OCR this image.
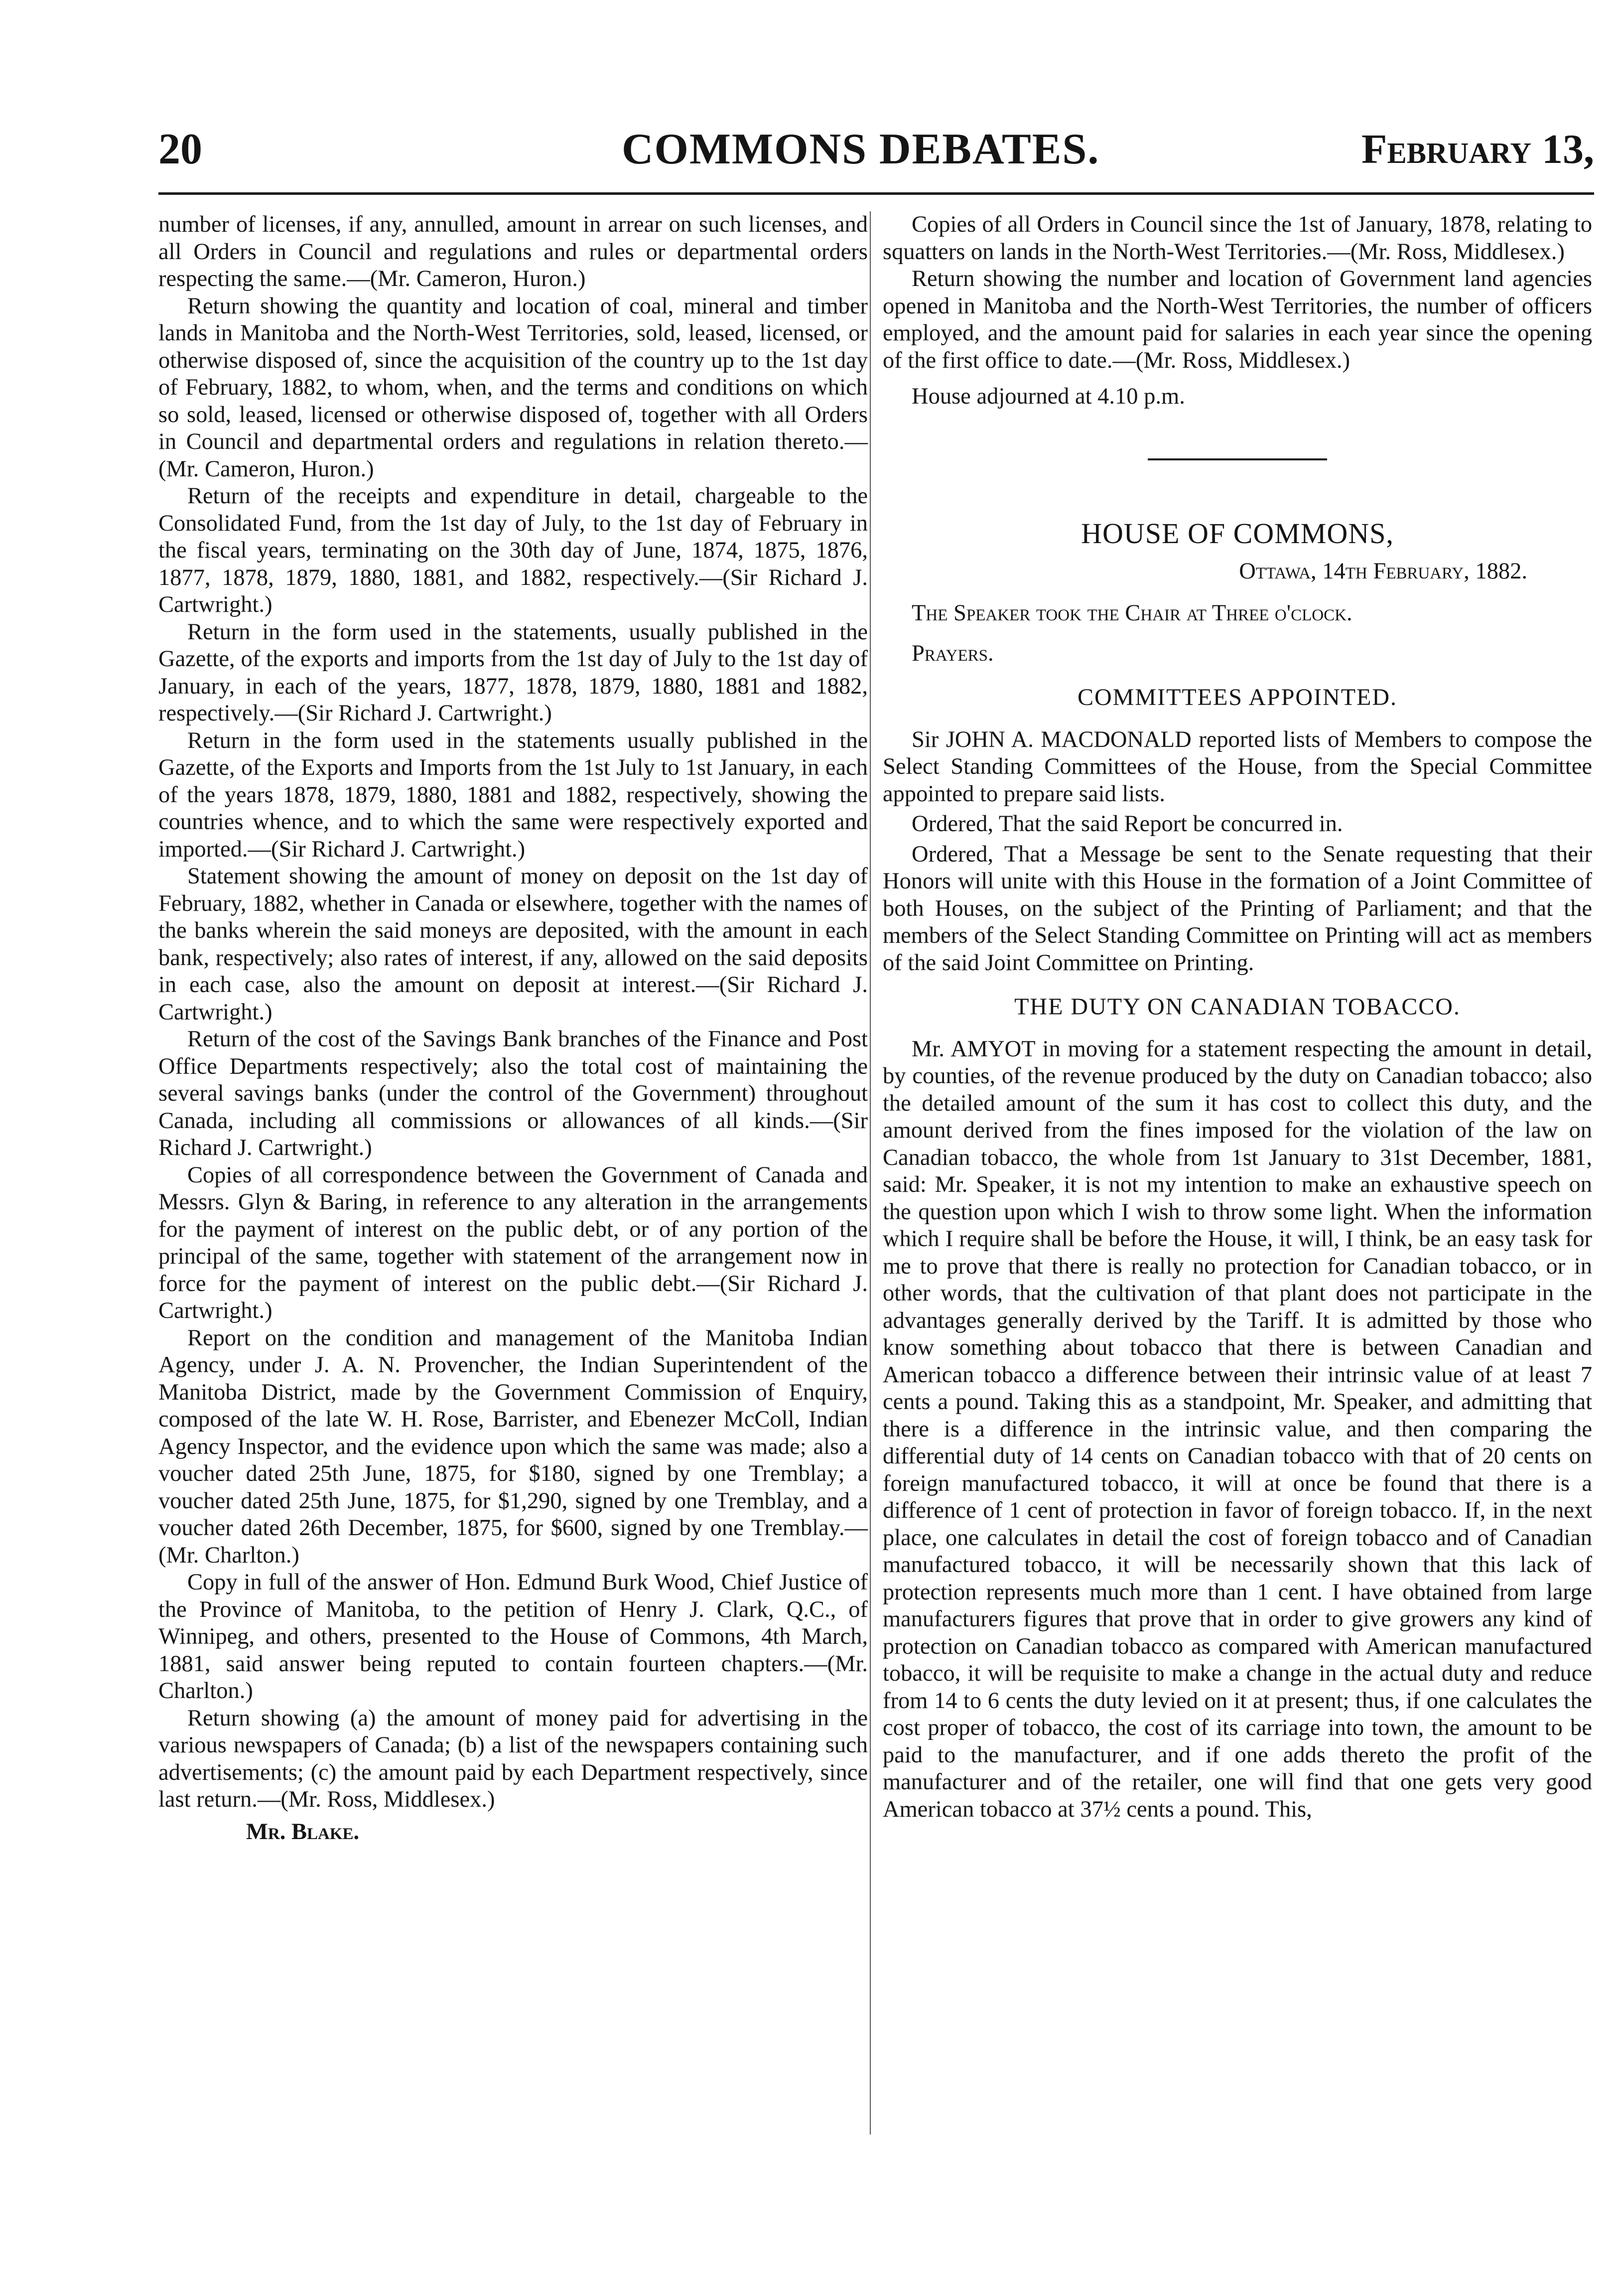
20	COMMONS DEBATES.	February 13,

number of licenses, if any, annulled, amount in arrear on such licenses, and all Orders in Council and regulations and rules or departmental orders respecting the same.—(Mr. Cameron, Huron.)

Return showing the quantity and location of coal, mineral and timber lands in Manitoba and the North-West Territories, sold, leased, licensed, or otherwise disposed of, since the acquisition of the country up to the 1st day of February, 1882, to whom, when, and the terms and conditions on which so sold, leased, licensed or otherwise disposed of, together with all Orders in Council and departmental orders and regulations in relation thereto.—(Mr. Cameron, Huron.)

Return of the receipts and expenditure in detail, chargeable to the Consolidated Fund, from the 1st day of July, to the 1st day of February in the fiscal years, terminating on the 30th day of June, 1874, 1875, 1876, 1877, 1878, 1879, 1880, 1881, and 1882, respectively.—(Sir Richard J. Cartwright.)

Return in the form used in the statements, usually published in the Gazette, of the exports and imports from the 1st day of July to the 1st day of January, in each of the years, 1877, 1878, 1879, 1880, 1881 and 1882, respectively.—(Sir Richard J. Cartwright.)

Return in the form used in the statements usually published in the Gazette, of the Exports and Imports from the 1st July to 1st January, in each of the years 1878, 1879, 1880, 1881 and 1882, respectively, showing the countries whence, and to which the same were respectively exported and imported.—(Sir Richard J. Cartwright.)

Statement showing the amount of money on deposit on the 1st day of February, 1882, whether in Canada or elsewhere, together with the names of the banks wherein the said moneys are deposited, with the amount in each bank, respectively; also rates of interest, if any, allowed on the said deposits in each case, also the amount on deposit at interest.—(Sir Richard J. Cartwright.)

Return of the cost of the Savings Bank branches of the Finance and Post Office Departments respectively; also the total cost of maintaining the several savings banks (under the control of the Government) throughout Canada, including all commissions or allowances of all kinds.—(Sir Richard J. Cartwright.)

Copies of all correspondence between the Government of Canada and Messrs. Glyn & Baring, in reference to any alteration in the arrangements for the payment of interest on the public debt, or of any portion of the principal of the same, together with statement of the arrangement now in force for the payment of interest on the public debt.—(Sir Richard J. Cartwright.)

Report on the condition and management of the Manitoba Indian Agency, under J. A. N. Provencher, the Indian Superintendent of the Manitoba District, made by the Government Commission of Enquiry, composed of the late W. H. Rose, Barrister, and Ebenezer McColl, Indian Agency Inspector, and the evidence upon which the same was made; also a voucher dated 25th June, 1875, for $180, signed by one Tremblay; a voucher dated 25th June, 1875, for $1,290, signed by one Tremblay, and a voucher dated 26th December, 1875, for $600, signed by one Tremblay.—(Mr. Charlton.)

Copy in full of the answer of Hon. Edmund Burk Wood, Chief Justice of the Province of Manitoba, to the petition of Henry J. Clark, Q.C., of Winnipeg, and others, presented to the House of Commons, 4th March, 1881, said answer being reputed to contain fourteen chapters.—(Mr. Charlton.)

Return showing (a) the amount of money paid for advertising in the various newspapers of Canada; (b) a list of the newspapers containing such advertisements; (c) the amount paid by each Department respectively, since last return.—(Mr. Ross, Middlesex.)

Mr. Blake.

Copies of all Orders in Council since the 1st of January, 1878, relating to squatters on lands in the North-West Territories.—(Mr. Ross, Middlesex.)

Return showing the number and location of Government land agencies opened in Manitoba and the North-West Territories, the number of officers employed, and the amount paid for salaries in each year since the opening of the first office to date.—(Mr. Ross, Middlesex.)

House adjourned at 4.10 p.m.

HOUSE OF COMMONS,

Ottawa, 14th February, 1882.

The Speaker took the Chair at Three o'clock.

Prayers.

COMMITTEES APPOINTED.

Sir JOHN A. MACDONALD reported lists of Members to compose the Select Standing Committees of the House, from the Special Committee appointed to prepare said lists.

Ordered, That the said Report be concurred in.

Ordered, That a Message be sent to the Senate requesting that their Honors will unite with this House in the formation of a Joint Committee of both Houses, on the subject of the Printing of Parliament; and that the members of the Select Standing Committee on Printing will act as members of the said Joint Committee on Printing.

THE DUTY ON CANADIAN TOBACCO.

Mr. AMYOT in moving for a statement respecting the amount in detail, by counties, of the revenue produced by the duty on Canadian tobacco; also the detailed amount of the sum it has cost to collect this duty, and the amount derived from the fines imposed for the violation of the law on Canadian tobacco, the whole from 1st January to 31st December, 1881, said: Mr. Speaker, it is not my intention to make an exhaustive speech on the question upon which I wish to throw some light. When the information which I require shall be before the House, it will, I think, be an easy task for me to prove that there is really no protection for Canadian tobacco, or in other words, that the cultivation of that plant does not participate in the advantages generally derived by the Tariff. It is admitted by those who know something about tobacco that there is between Canadian and American tobacco a difference between their intrinsic value of at least 7 cents a pound. Taking this as a standpoint, Mr. Speaker, and admitting that there is a difference in the intrinsic value, and then comparing the differential duty of 14 cents on Canadian tobacco with that of 20 cents on foreign manufactured tobacco, it will at once be found that there is a difference of 1 cent of protection in favor of foreign tobacco. If, in the next place, one calculates in detail the cost of foreign tobacco and of Canadian manufactured tobacco, it will be necessarily shown that this lack of protection represents much more than 1 cent. I have obtained from large manufacturers figures that prove that in order to give growers any kind of protection on Canadian tobacco as compared with American manufactured tobacco, it will be requisite to make a change in the actual duty and reduce from 14 to 6 cents the duty levied on it at present; thus, if one calculates the cost proper of tobacco, the cost of its carriage into town, the amount to be paid to the manufacturer, and if one adds thereto the profit of the manufacturer and of the retailer, one will find that one gets very good American tobacco at 37½ cents a pound. This,
